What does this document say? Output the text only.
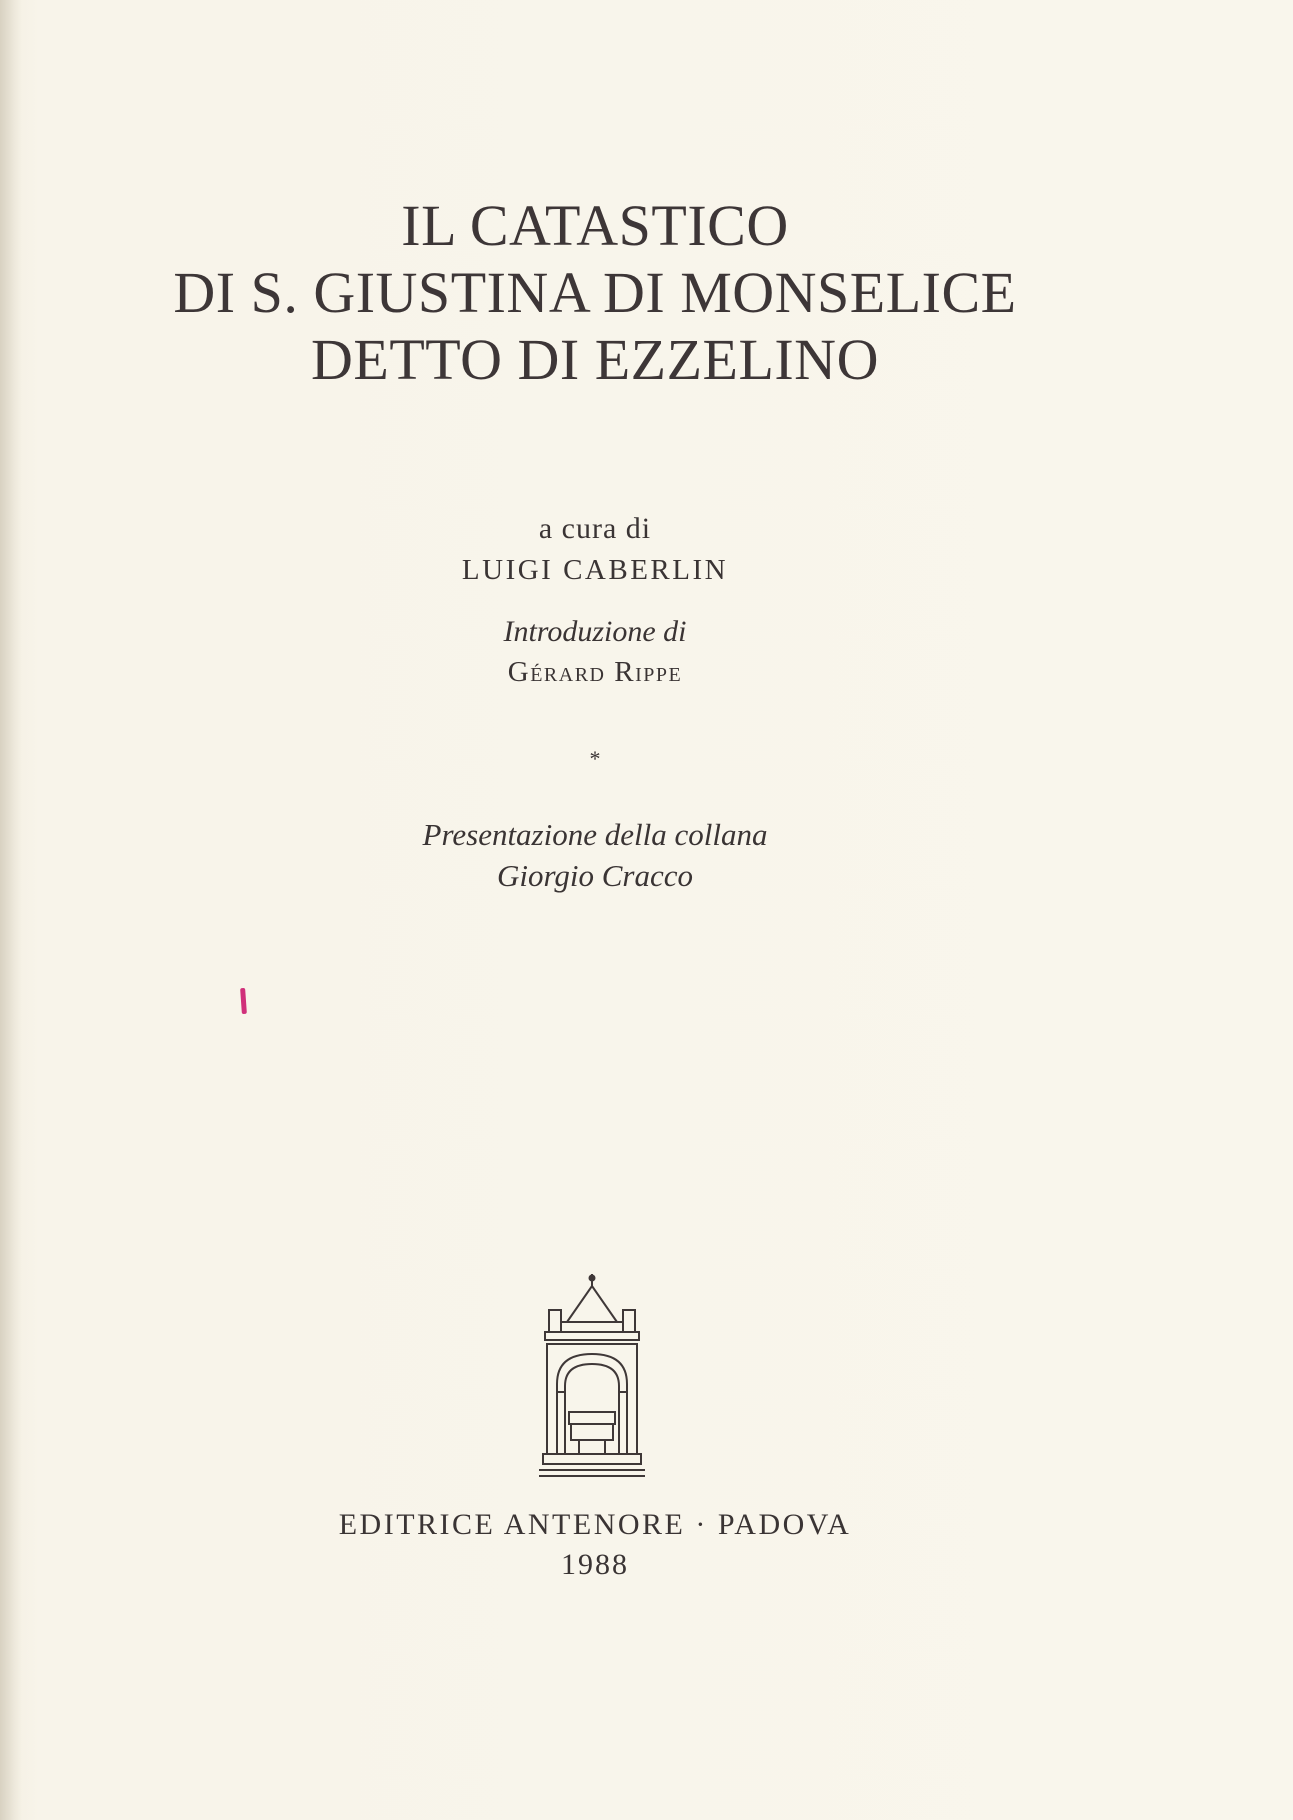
IL CATASTICO
DI S. GIUSTINA DI MONSELICE
DETTO DI EZZELINO
a cura di
LUIGI CABERLIN
Introduzione di
Gérard Rippe
*
Presentazione della collana
Giorgio Cracco
EDITRICE ANTENORE · PADOVA
1988
